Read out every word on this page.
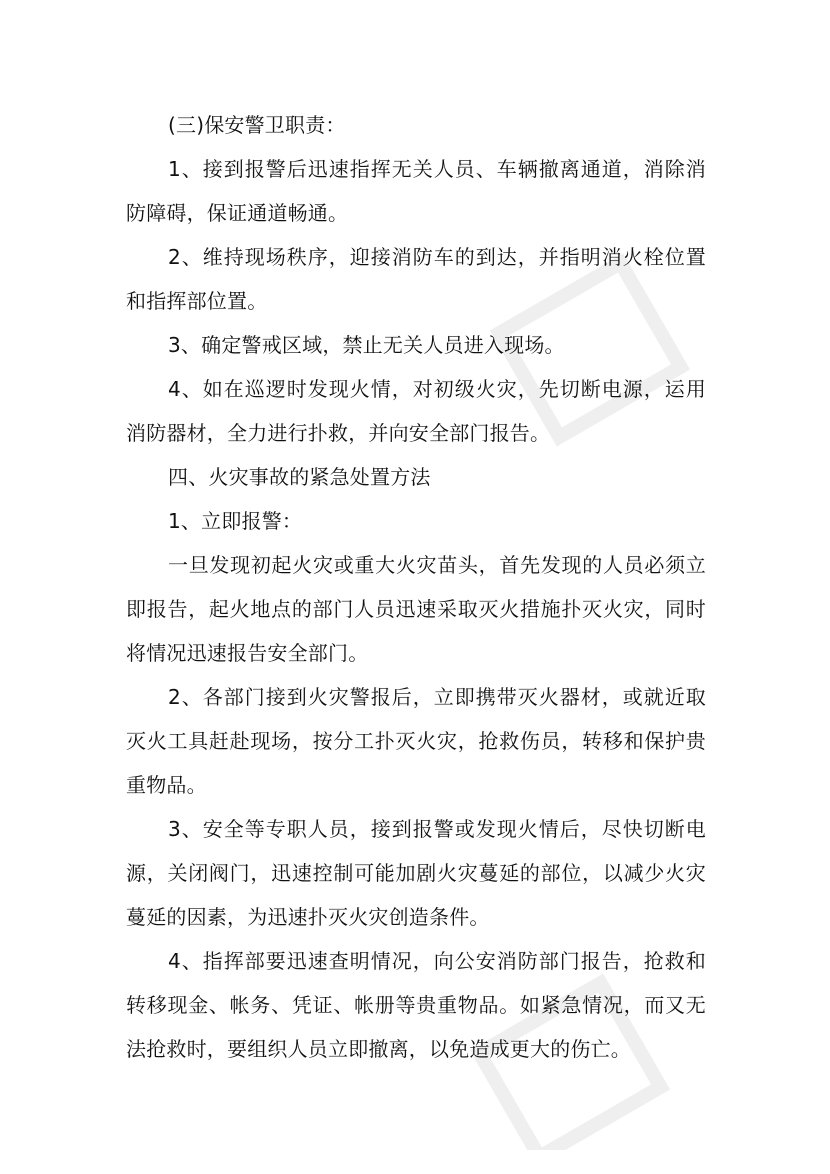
(三)保安警卫职责：

1、接到报警后迅速指挥无关人员、车辆撤离通道，消除消防障碍，保证通道畅通。

2、维持现场秩序，迎接消防车的到达，并指明消火栓位置和指挥部位置。

3、确定警戒区域，禁止无关人员进入现场。

4、如在巡逻时发现火情，对初级火灾，先切断电源，运用消防器材，全力进行扑救，并向安全部门报告。

四、火灾事故的紧急处置方法

1、立即报警：

一旦发现初起火灾或重大火灾苗头，首先发现的人员必须立即报告，起火地点的部门人员迅速采取灭火措施扑灭火灾，同时将情况迅速报告安全部门。

2、各部门接到火灾警报后，立即携带灭火器材，或就近取灭火工具赶赴现场，按分工扑灭火灾，抢救伤员，转移和保护贵重物品。

3、安全等专职人员，接到报警或发现火情后，尽快切断电源，关闭阀门，迅速控制可能加剧火灾蔓延的部位，以减少火灾蔓延的因素，为迅速扑灭火灾创造条件。

4、指挥部要迅速查明情况，向公安消防部门报告，抢救和转移现金、帐务、凭证、帐册等贵重物品。如紧急情况，而又无法抢救时，要组织人员立即撤离，以免造成更大的伤亡。
